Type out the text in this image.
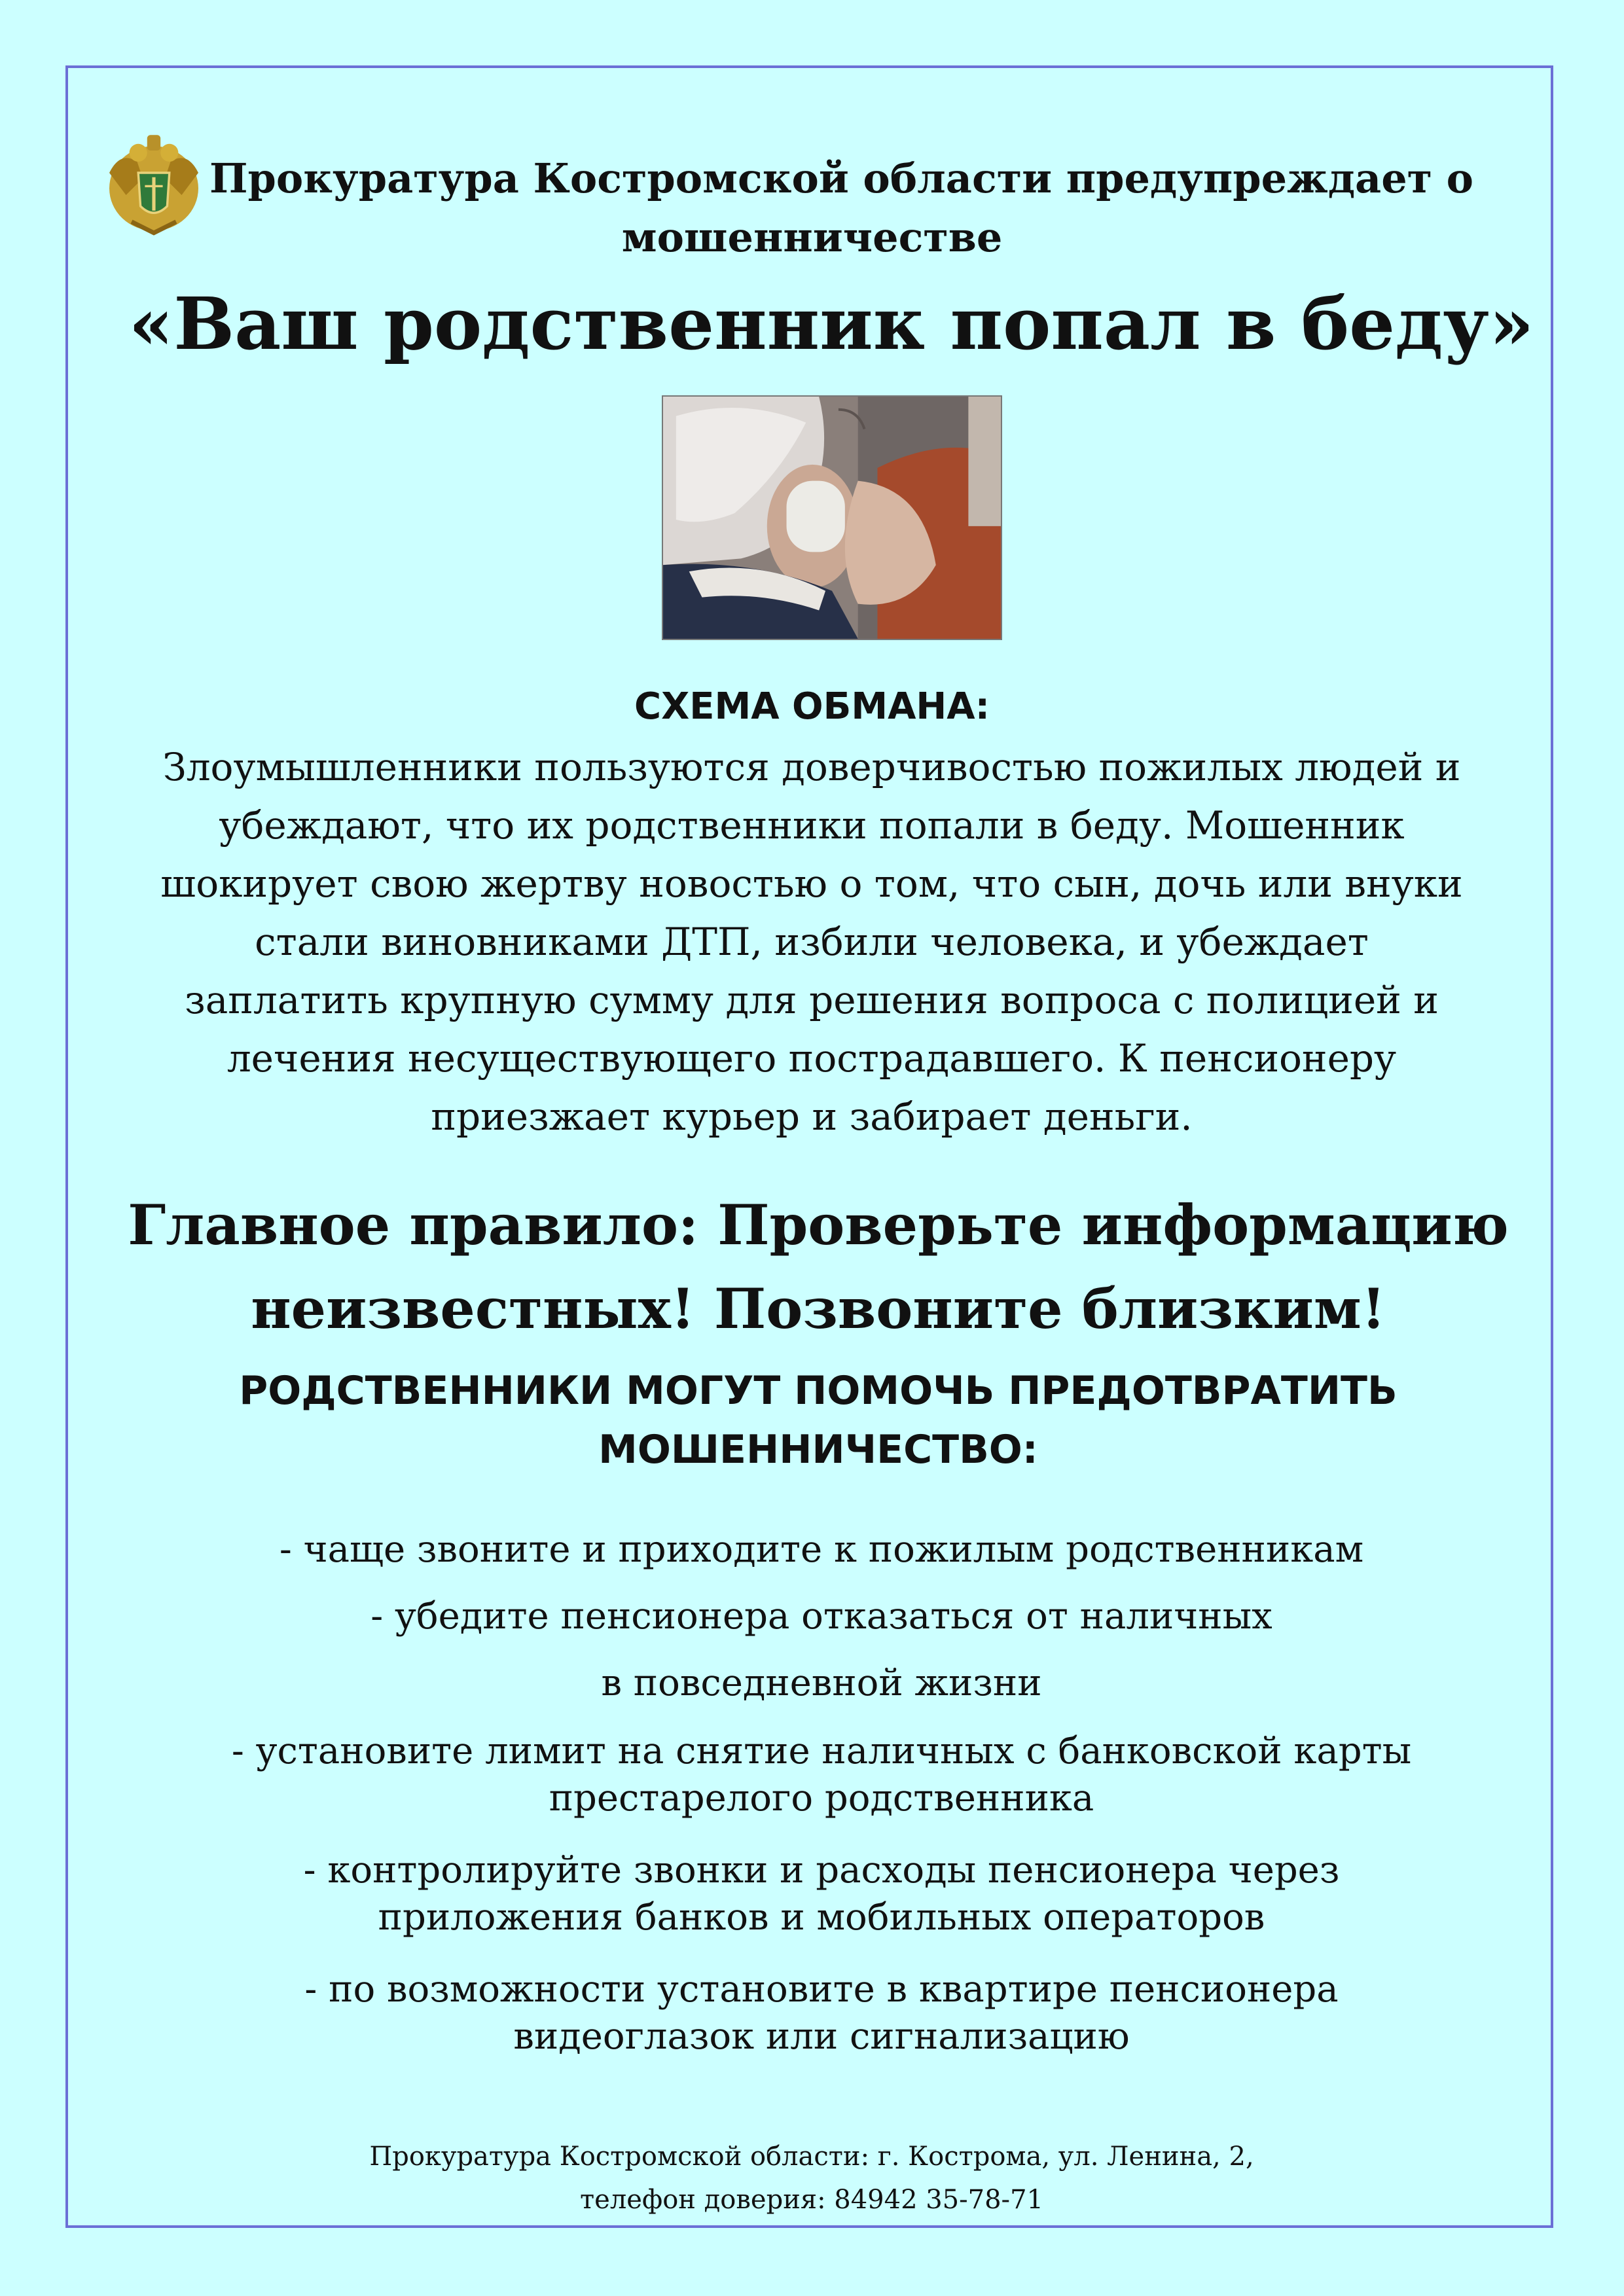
Прокуратура Костромской области предупреждает о
мошенничестве
«Ваш родственник попал в беду»
СХЕМА ОБМАНА:
Злоумышленники пользуются доверчивостью пожилых людей и
убеждают, что их родственники попали в беду. Мошенник
шокирует свою жертву новостью о том, что сын, дочь или внуки
стали виновниками ДТП, избили человека, и убеждает
заплатить крупную сумму для решения вопроса с полицией и
лечения несуществующего пострадавшего. К пенсионеру
приезжает курьер и забирает деньги.
Главное правило: Проверьте информацию
неизвестных! Позвоните близким!
РОДСТВЕННИКИ МОГУТ ПОМОЧЬ ПРЕДОТВРАТИТЬ
МОШЕННИЧЕСТВО:
- чаще звоните и приходите к пожилым родственникам
- убедите пенсионера отказаться от наличных
в повседневной жизни
- установите лимит на снятие наличных с банковской карты
престарелого родственника
- контролируйте звонки и расходы пенсионера через
приложения банков и мобильных операторов
- по возможности установите в квартире пенсионера
видеоглазок или сигнализацию
Прокуратура Костромской области: г. Кострома, ул. Ленина, 2,
телефон доверия: 84942 35-78-71
